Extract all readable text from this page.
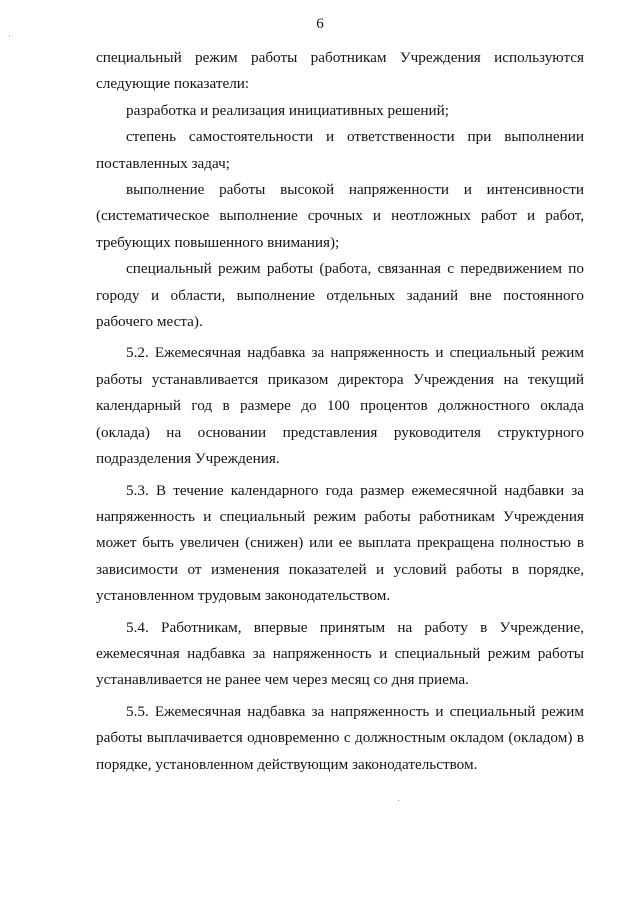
6

специальный режим работы работникам Учреждения используются следующие показатели:

разработка и реализация инициативных решений;

степень самостоятельности и ответственности при выполнении поставленных задач;

выполнение работы высокой напряженности и интенсивности (систематическое выполнение срочных и неотложных работ и работ, требующих повышенного внимания);

специальный режим работы (работа, связанная с передвижением по городу и области, выполнение отдельных заданий вне постоянного рабочего места).

5.2. Ежемесячная надбавка за напряженность и специальный режим работы устанавливается приказом директора Учреждения на текущий календарный год в размере до 100 процентов должностного оклада (оклада) на основании представления руководителя структурного подразделения Учреждения.

5.3. В течение календарного года размер ежемесячной надбавки за напряженность и специальный режим работы работникам Учреждения может быть увеличен (снижен) или ее выплата прекращена полностью в зависимости от изменения показателей и условий работы в порядке, установленном трудовым законодательством.

5.4. Работникам, впервые принятым на работу в Учреждение, ежемесячная надбавка за напряженность и специальный режим работы устанавливается не ранее чем через месяц со дня приема.

5.5. Ежемесячная надбавка за напряженность и специальный режим работы выплачивается одновременно с должностным окладом (окладом) в порядке, установленном действующим законодательством.
